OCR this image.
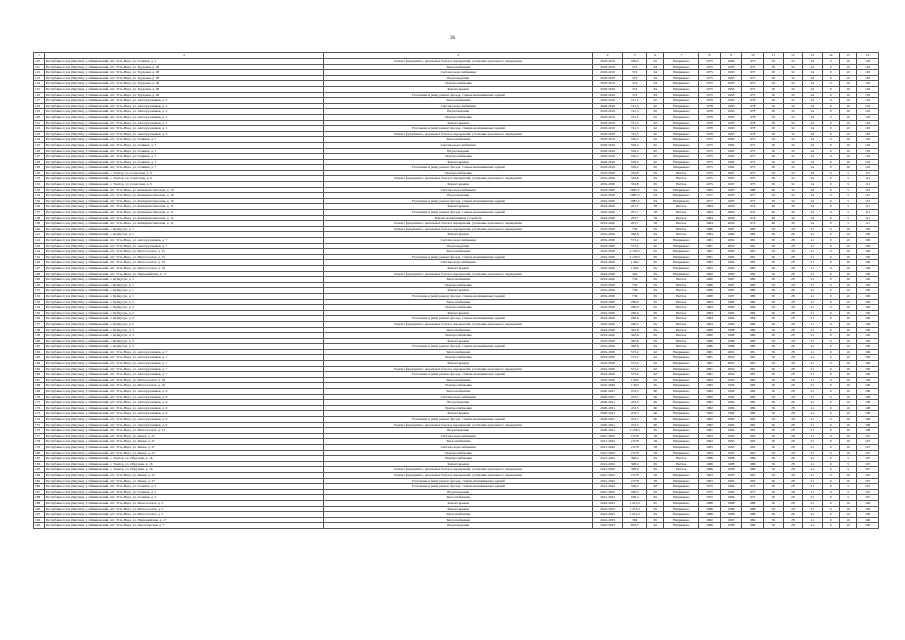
36
1	2	3	4	5	6	7	8	9	10	11	12	13	14	15	16
110	Республика Саха (Якутия), у. Оймяконский, пгт. Усть-Нера, ул. Галкина, д. 5	Ремонт фундамента, цокольных балок и перекрытий, утепление цокольного перекрытия	2018-2019	558,2	62	Напряжено	1975	1984	973	50	32	24	0	10	118
111	Республика Саха (Якутия), у. Оймяконский, пгт. Усть-Нера, ул. Трудовая, д. 28	Теплоснабжение	2018-2019	374	64	Напряжено	1975	1995	975	50	32	24	0	10	118
112	Республика Саха (Якутия), у. Оймяконский, пгт. Усть-Нера, ул. Трудовая, д. 28	Система водоснабжения	2018-2019	374	64	Напряжено	1975	1993	973	50	32	24	0	10	118
113	Республика Саха (Якутия), у. Оймяконский, пгт. Усть-Нера, ул. Трудовая, д. 28	Водоотведение	2018-2019	374	64	Напряжено	1975	1995	975	50	32	24	0	10	118
114	Республика Саха (Якутия), у. Оймяконский, пгт. Усть-Нера, ул. Трудовая, д. 28	Электроснабжение	2018-2019	374	64	Напряжено	1975	1995	975	50	32	24	0	10	118
115	Республика Саха (Якутия), у. Оймяконский, пгт. Усть-Нера, ул. Трудовая, д. 28	Ремонт крыши	2018-2019	374	64	Напряжено	1975	1995	975	50	32	24	0	10	118
116	Республика Саха (Якутия), у. Оймяконский, пгт. Усть-Нера, ул. Трудовая, д. 28	Утепление и (или) ремонт фасада, ставни-наличниковых зданий	2018-2019	374	64	Напряжено	1975	1995	975	50	32	24	0	10	118
117	Республика Саха (Якутия), у. Оймяконский, пгт. Усть-Нера, ул. Автогрузовиков, д. 5	Теплоснабжение	2018-2019	741,5	62	Напряжено	1978	1993	978	50	32	24	0	10	118
118	Республика Саха (Якутия), у. Оймяконский, пгт. Усть-Нера, ул. Автогрузовиков, д. 5	Система водоснабжения	2018-2019	741,5	62	Напряжено	1978	1993	978	50	32	24	0	10	118
119	Республика Саха (Якутия), у. Оймяконский, пгт. Усть-Нера, ул. Автогрузовиков, д. 5	Водоотведение	2018-2019	741,5	62	Напряжено	1978	1993	978	50	32	24	0	10	118
120	Республика Саха (Якутия), у. Оймяконский, пгт. Усть-Нера, ул. Автогрузовиков, д. 5	Электроснабжение	2018-2019	741,5	62	Напряжено	1978	1993	978	50	32	24	0	10	118
121	Республика Саха (Якутия), у. Оймяконский, пгт. Усть-Нера, ул. Автогрузовиков, д. 5	Ремонт крыши	2018-2019	741,5	62	Напряжено	1978	1993	978	50	32	24	0	10	118
122	Республика Саха (Якутия), у. Оймяконский, пгт. Усть-Нера, ул. Автогрузовиков, д. 5	Утепление и (или) ремонт фасада, ставни-наличниковых зданий	2018-2019	741,5	62	Напряжено	1978	1993	978	50	32	24	0	10	118
123	Республика Саха (Якутия), у. Оймяконский, пгт. Усть-Нера, ул. Автогрузовиков, д. 5	Ремонт фундамента, цокольных балок и перекрытий, утепление цокольного перекрытия	2018-2019	741,5	62	Напряжено	1978	1993	978	50	32	24	0	10	118
124	Республика Саха (Якутия), у. Оймяконский, пгт. Усть-Нера, ул. Галкина, д. 7	Теплоснабжение	2018-2019	559,2	62	Напряжено	1975	1984	975	50	32	24	0	10	118
125	Республика Саха (Якутия), у. Оймяконский, пгт. Усть-Нера, ул. Галкина, д. 7	Система водоснабжения	2018-2019	559,2	62	Напряжено	1975	1984	975	50	32	24	0	10	118
126	Республика Саха (Якутия), у. Оймяконский, пгт. Усть-Нера, ул. Галкина, д. 7	Водоотведение	2018-2019	559,2	62	Напряжено	1975	1984	975	50	32	24	0	10	118
127	Республика Саха (Якутия), у. Оймяконский, пгт. Усть-Нера, ул. Галкина, д. 7	Электроснабжение	2018-2019	559,2	62	Напряжено	1975	1993	975	50	32	24	0	10	118
128	Республика Саха (Якутия), у. Оймяконский, пгт. Усть-Нера, ул. Галкина, д. 7	Ремонт крыши	2018-2019	559,2	62	Напряжено	1975	1984	975	50	32	24	0	10	118
129	Республика Саха (Якутия), у. Оймяконский, пгт. Усть-Нера, ул. Галкина, д. 7	Утепление и (или) ремонт фасада, ставни-наличниковых зданий	2018-2019	559,2	62	Напряжено	1975	1984	975	50	32	24	0	10	118
130	Республика Саха (Якутия), у. Оймяконский, с. Томтор, ул. Советская, д. 9	Электроснабжение	2019-2020	334,8	65	Ветхое	1975	1997	975	50	32	24	0	5	111
131	Республика Саха (Якутия), у. Оймяконский, с. Томтор, ул. Советская, д. 9	Ремонт фундамента, цокольных балок и перекрытий, утепление цокольного перекрытия	2019-2020	334,8	65	Ветхое	1975	1997	975	50	32	24	0	5	111
132	Республика Саха (Якутия), у. Оймяконский, с. Томтор, ул. Советская, д. 9	Ремонт крыши	2019-2020	334,8	65	Ветхое	1975	1997	975	50	32	24	0	5	111
133	Республика Саха (Якутия), у. Оймяконский, пгт. Усть-Нера, ул. Коммунистическая, д. 10	Система водоснабжения	2019-2020	1985,5	64	Напряжено	1985	1985	988	40	32	24	0	5	112
134	Республика Саха (Якутия), у. Оймяконский, пгт. Усть-Нера, ул. Коммунистическая, д. 10	Водоотведение	2019-2020	1985,5	64	Напряжено	1977	1993	977	50	32	24	0	5	112
135	Республика Саха (Якутия), у. Оймяконский, пгт. Усть-Нера, ул. Коммунистическая, д. 10	Утепление и (или) ремонт фасада, ставни-наличниковых зданий	2019-2020	1985,5	64	Напряжено	1977	1993	977	50	32	24	0	5	112
136	Республика Саха (Якутия), у. Оймяконский, пгт. Усть-Нера, ул. Коммунистическая, д. 11	Ремонт крыши	2019-2020	201,7	58	Ветхое	1984	2009	974	40	30	24	0	5	111
137	Республика Саха (Якутия), у. Оймяконский, пгт. Усть-Нера, ул. Коммунистическая, д. 11	Утепление и (или) ремонт фасада, ставни-наличниковых зданий	2019-2020	201,7	58	Ветхое	1984	2009	974	40	30	24	0	5	111
138	Республика Саха (Якутия), у. Оймяконский, пгт. Усть-Нера, ул. Коммунистическая, д. 11	Ремонт коллективных устройств	2019-2020	201,7	58	Ветхое	1984	2009	974	40	30	24	0	5	111
139	Республика Саха (Якутия), у. Оймяконский, пгт. Усть-Нера, ул. Коммунистическая, д. 11	Ремонт фундамента, цокольных балок и перекрытий, утепление цокольного перекрытия	2019-2020	201,7	58	Ветхое	1984	2009	974	40	30	24	0	5	111
140	Республика Саха (Якутия), у. Оймяконский, с. Куйдусун, д. 1	Ремонт фундамента, цокольных балок и перекрытий, утепление цокольного перекрытия	2019-2020	736	65	Ветхое	1980	1987	980	50	28	21	0	10	109
141	Республика Саха (Якутия), у. Оймяконский, с. Куйдусун, д. 1	Ремонт крыши	2019-2020	362,8	65	Ветхое	1984	1984	984	50	28	21	0	10	109
142	Республика Саха (Якутия), у. Оймяконский, пгт. Усть-Нера, ул. Автогрузовиков, д. 7	Система водоснабжения	2019-2020	573,2	62	Напряжено	1981	2002	981	50	28	21	0	10	109
143	Республика Саха (Якутия), у. Оймяконский, пгт. Усть-Нера, ул. Автогрузовиков, д. 7	Водоотведение	2019-2020	573,2	62	Напряжено	1981	2002	981	50	28	21	0	10	109
144	Республика Саха (Якутия), у. Оймяконский, пгт. Усть-Нера, ул. Мохсоголлох, д. 15	Теплоснабжение	2019-2020	2 129,5	65	Напряжено	1981	1984	981	50	28	21	0	10	109
145	Республика Саха (Якутия), у. Оймяконский, пгт. Усть-Нера, ул. Мохсоголлох, д. 15	Утепление и (или) ремонт фасада, ставни-наличниковых зданий	2019-2020	2 129,5	65	Напряжено	1981	1984	981	50	28	21	0	10	109
146	Республика Саха (Якутия), у. Оймяконский, пгт. Усть-Нера, ул. Мохсоголлох, д. 16	Система водоснабжения	2019-2020	1 662	65	Напряжено	1983	1984	983	50	28	21	0	10	109
147	Республика Саха (Якутия), у. Оймяконский, пгт. Усть-Нера, ул. Мохсоголлох, д. 16	Ремонт крыши	2019-2020	1 662	65	Напряжено	1983	1990	983	50	28	21	0	10	109
148	Республика Саха (Якутия), у. Оймяконский, пгт. Усть-Нера, ул. Первомайская, д. 17	Ремонт фундамента, цокольных балок и перекрытий, утепление цокольного перекрытия	2019-2020	394	65	Напряжено	1982	1983	982	50	28	21	0	10	109
149	Республика Саха (Якутия), у. Оймяконский, с. Куйдусун, д. 1	Теплоснабжение	2019-2020	736	65	Ветхое	1980	1987	980	50	28	21	0	10	109
150	Республика Саха (Якутия), у. Оймяконский, с. Куйдусун, д. 1	Электроснабжение	2019-2020	736	65	Ветхое	1980	1987	980	50	28	21	0	10	109
151	Республика Саха (Якутия), у. Оймяконский, с. Куйдусун, д. 1	Ремонт крыши	2019-2020	736	65	Ветхое	1980	1987	980	50	28	21	0	10	109
152	Республика Саха (Якутия), у. Оймяконский, с. Куйдусун, д. 1	Утепление и (или) ремонт фасада, ставни-наличниковых зданий	2019-2020	736	65	Ветхое	1980	1987	980	50	28	21	0	10	109
153	Республика Саха (Якутия), у. Оймяконский, с. Куйдусун, д. 2	Теплоснабжение	2019-2020	266,6	65	Ветхое	1984	1984	984	50	28	21	0	10	109
154	Республика Саха (Якутия), у. Оймяконский, с. Куйдусун, д. 2	Электроснабжение	2019-2020	266,6	65	Ветхое	1984	1984	984	50	28	21	0	10	109
155	Республика Саха (Якутия), у. Оймяконский, с. Куйдусун, д. 2	Ремонт крыши	2019-2020	266,6	65	Ветхое	1984	1984	984	50	28	21	0	10	109
156	Республика Саха (Якутия), у. Оймяконский, с. Куйдусун, д. 2	Утепление и (или) ремонт фасада, ставни-наличниковых зданий	2019-2020	266,6	65	Ветхое	1984	1984	984	50	28	21	0	10	109
157	Республика Саха (Якутия), у. Оймяконский, с. Куйдусун, д. 2	Ремонт фундамента, цокольных балок и перекрытий, утепление цокольного перекрытия	2019-2020	266,6	65	Ветхое	1984	1984	984	50	28	21	0	10	109
158	Республика Саха (Якутия), у. Оймяконский, с. Куйдусун, д. 3	Теплоснабжение	2019-2020	302,8	65	Ветхое	1980	1988	980	50	28	21	0	10	109
159	Республика Саха (Якутия), у. Оймяконский, с. Куйдусун, д. 3	Электроснабжение	2019-2020	302,8	65	Ветхое	1980	1988	980	50	28	21	0	10	109
160	Республика Саха (Якутия), у. Оймяконский, с. Куйдусун, д. 3	Ремонт крыши	2019-2020	302,8	65	Ветхое	1980	1988	980	50	28	21	0	10	109
161	Республика Саха (Якутия), у. Оймяконский, с. Куйдусун, д. 3	Утепление и (или) ремонт фасада, ставни-наличниковых зданий	2019-2020	302,8	65	Ветхое	1980	1988	980	50	28	21	0	10	109
162	Республика Саха (Якутия), у. Оймяконский, пгт. Усть-Нера, ул. Автогрузовиков, д. 7	Теплоснабжение	2019-2020	573,2	62	Напряжено	1981	2002	981	50	28	21	0	10	109
163	Республика Саха (Якутия), у. Оймяконский, пгт. Усть-Нера, ул. Автогрузовиков, д. 7	Электроснабжение	2019-2020	573,2	62	Напряжено	1981	2002	981	50	28	21	0	10	109
164	Республика Саха (Якутия), у. Оймяконский, пгт. Усть-Нера, ул. Автогрузовиков, д. 7	Ремонт крыши	2019-2020	573,2	62	Напряжено	1981	2002	981	50	28	21	0	10	109
165	Республика Саха (Якутия), у. Оймяконский, пгт. Усть-Нера, ул. Автогрузовиков, д. 7	Ремонт фундамента, цокольных балок и перекрытий, утепление цокольного перекрытия	2019-2020	573,2	62	Напряжено	1981	2002	981	50	28	21	0	10	109
166	Республика Саха (Якутия), у. Оймяконский, пгт. Усть-Нера, ул. Автогрузовиков, д. 7	Утепление и (или) ремонт фасада, ставни-наличниковых зданий	2019-2020	573,2	62	Напряжено	1981	2002	981	50	28	21	0	10	109
167	Республика Саха (Якутия), у. Оймяконский, пгт. Усть-Нера, ул. Мохсоголлох, д. 16	Теплоснабжение	2019-2020	1 662	65	Напряжено	1983	1990	983	50	28	21	0	10	109
168	Республика Саха (Якутия), у. Оймяконский, пгт. Усть-Нера, ул. Мохсоголлох, д. 16	Электроснабжение	2019-2020	1 662	65	Напряжено	1983	1990	983	50	28	21	0	10	109
169	Республика Саха (Якутия), у. Оймяконский, пгт. Усть-Нера, ул. Автогрузовиков, д. 9	Теплоснабжение	2020-2021	474,5	60	Напряжено	1982	1984	982	50	28	21	0	10	108
170	Республика Саха (Якутия), у. Оймяконский, пгт. Усть-Нера, ул. Автогрузовиков, д. 9	Система водоснабжения	2020-2021	474,5	60	Напряжено	1982	1984	982	50	28	21	0	10	108
171	Республика Саха (Якутия), у. Оймяконский, пгт. Усть-Нера, ул. Автогрузовиков, д. 9	Водоотведение	2020-2021	474,5	60	Напряжено	1982	1984	982	50	28	21	0	10	108
172	Республика Саха (Якутия), у. Оймяконский, пгт. Усть-Нера, ул. Автогрузовиков, д. 9	Электроснабжение	2020-2021	474,5	60	Напряжено	1982	1984	982	50	28	21	0	10	108
173	Республика Саха (Якутия), у. Оймяконский, пгт. Усть-Нера, ул. Автогрузовиков, д. 9	Ремонт крыши	2020-2021	474,5	60	Напряжено	1982	1984	982	50	28	21	0	10	108
174	Республика Саха (Якутия), у. Оймяконский, пгт. Усть-Нера, ул. Автогрузовиков, д. 9	Утепление и (или) ремонт фасада, ставни-наличниковых зданий	2020-2021	474,5	60	Напряжено	1982	1984	982	50	28	21	0	10	108
175	Республика Саха (Якутия), у. Оймяконский, пгт. Усть-Нера, ул. Автогрузовиков, д. 9	Ремонт фундамента, цокольных балок и перекрытий, утепление цокольного перекрытия	2020-2021	474,5	60	Напряжено	1982	1984	982	50	28	21	0	10	108
176	Республика Саха (Якутия), у. Оймяконский, пгт. Усть-Нера, ул. Мохсоголлох, д. 15	Водоотведение	2020-2021	2 129,5	65	Напряжено	1981	1984	981	50	28	21	0	10	108
177	Республика Саха (Якутия), у. Оймяконский, пгт. Усть-Нера, ул. Янова, д. 27	Система водоснабжения	2021-2022	2 078	58	Напряжено	1993	1993	993	50	28	21	0	10	107
178	Республика Саха (Якутия), у. Оймяконский, пгт. Усть-Нера, ул. Янова, д. 27	Теплоснабжение	2021-2022	2 078	58	Напряжено	1993	1993	993	50	28	21	0	10	107
179	Республика Саха (Якутия), у. Оймяконский, пгт. Усть-Нера, ул. Янова, д. 27	Система водоснабжения	2021-2022	2 078	58	Напряжено	1993	1993	993	50	28	21	0	10	107
180	Республика Саха (Якутия), у. Оймяконский, пгт. Усть-Нера, ул. Янова, д. 27	Электроснабжение	2021-2022	2 078	58	Напряжено	1993	1993	993	50	28	21	0	10	107
181	Республика Саха (Якутия), у. Оймяконский, с. Томтор, ул. Обручева, д. 16	Электроснабжение	2021-2022	308,2	65	Ветхое	1986	1988	986	50	28	21	0	5	107
182	Республика Саха (Якутия), у. Оймяконский, с. Томтор, ул. Обручева, д. 16	Ремонт крыши	2021-2022	308,2	65	Ветхое	1986	1988	986	50	28	21	0	5	107
183	Республика Саха (Якутия), у. Оймяконский, с. Томтор, ул. Обручева, д. 16	Ремонт фундамента, цокольных балок и перекрытий, утепление цокольного перекрытия	2021-2022	308,2	65	Ветхое	1986	1988	986	50	28	21	0	5	107
184	Республика Саха (Якутия), у. Оймяконский, пгт. Усть-Нера, ул. Янова, д. 27	Ремонт фундамента, цокольных балок и перекрытий, утепление цокольного перекрытия	2021-2022	2 078	58	Напряжено	1993	1993	993	50	28	21	0	10	107
185	Республика Саха (Якутия), у. Оймяконский, пгт. Усть-Нера, ул. Янова, д. 27	Утепление и (или) ремонт фасада, ставни-наличниковых зданий	2021-2022	2 078	58	Напряжено	1993	1993	993	50	28	21	0	10	107
186	Республика Саха (Якутия), у. Оймяконский, пгт. Усть-Нера, ул. Галкина, д. 5	Утепление и (или) ремонт фасада, ставни-наличниковых зданий	2021-2022	558,2	62	Напряжено	1975	1984	975	50	28	21	0	5	107
187	Республика Саха (Якутия), у. Оймяконский, пгт. Усть-Нера, ул. Галкина, д. 5	Водоотведение	2021-2022	558,2	62	Напряжено	1975	1984	975	50	28	21	0	5	107
188	Республика Саха (Якутия), у. Оймяконский, пгт. Усть-Нера, ул. Галкина, д. 5	Теплоснабжение	2021-2022	558,2	62	Напряжено	1975	1984	975	50	28	21	0	5	107
189	Республика Саха (Якутия), у. Оймяконский, пгт. Усть-Нера, ул. Мохсоголлох, д. 5	Ремонт крыши	2022-2023	1 413,2	65	Напряжено	1988	1988	988	50	28	21	0	10	106
190	Республика Саха (Якутия), у. Оймяконский, пгт. Усть-Нера, ул. Мохсоголлох, д. 5	Ремонт крыши	2022-2023	1 413,2	65	Напряжено	1988	1988	988	50	28	21	0	10	106
191	Республика Саха (Якутия), у. Оймяконский, пгт. Усть-Нера, ул. Мохсоголлох, д. 5	Теплоснабжение	2022-2023	1 413,2	65	Напряжено	1988	1988	988	50	28	21	0	10	106
192	Республика Саха (Якутия), у. Оймяконский, пгт. Усть-Нера, ул. Первомайская, д. 17	Теплоснабжение	2022-2023	394	65	Напряжено	1982	1983	982	50	28	21	0	10	106
193	Республика Саха (Якутия), у. Оймяконский, пгт. Усть-Нера, ул. Пролетарская, д. 7	Водоотведение	2022-2023	663,2	62	Напряжено	1986	1986	986	50	28	21	0	10	106
